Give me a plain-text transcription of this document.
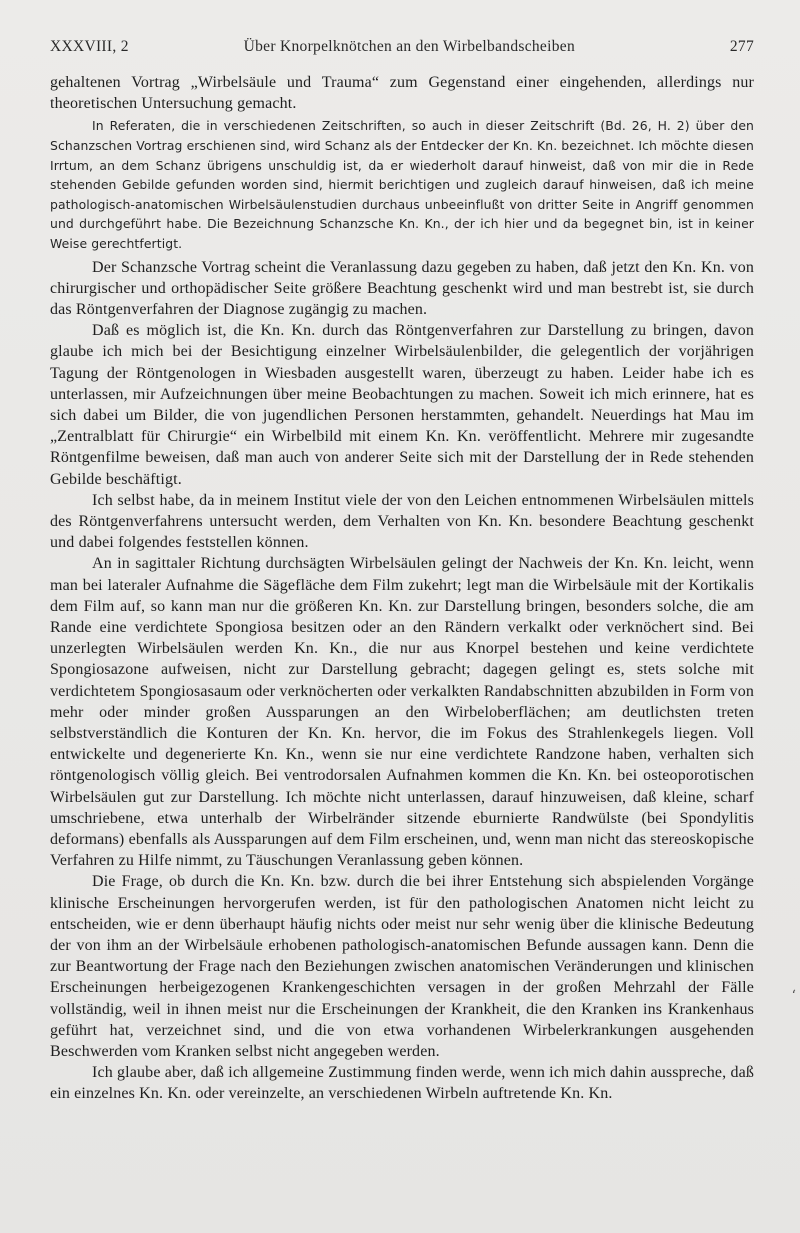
XXXVIII, 2	Über Knorpelknötchen an den Wirbelbandscheiben	277

gehaltenen Vortrag „Wirbelsäule und Trauma“ zum Gegenstand einer eingehenden, allerdings nur theoretischen Untersuchung gemacht.

In Referaten, die in verschiedenen Zeitschriften, so auch in dieser Zeitschrift (Bd. 26, H. 2) über den Schanzschen Vortrag erschienen sind, wird Schanz als der Entdecker der Kn. Kn. bezeichnet. Ich möchte diesen Irrtum, an dem Schanz übrigens unschuldig ist, da er wiederholt darauf hinweist, daß von mir die in Rede stehenden Gebilde gefunden worden sind, hiermit berichtigen und zugleich darauf hinweisen, daß ich meine pathologisch-anatomischen Wirbelsäulenstudien durchaus unbeeinflußt von dritter Seite in Angriff genommen und durchgeführt habe. Die Bezeichnung Schanzsche Kn. Kn., der ich hier und da begegnet bin, ist in keiner Weise gerechtfertigt.

Der Schanzsche Vortrag scheint die Veranlassung dazu gegeben zu haben, daß jetzt den Kn. Kn. von chirurgischer und orthopädischer Seite größere Beachtung geschenkt wird und man bestrebt ist, sie durch das Röntgenverfahren der Diagnose zugängig zu machen.

Daß es möglich ist, die Kn. Kn. durch das Röntgenverfahren zur Darstellung zu bringen, davon glaube ich mich bei der Besichtigung einzelner Wirbelsäulenbilder, die gelegentlich der vorjährigen Tagung der Röntgenologen in Wiesbaden ausgestellt waren, überzeugt zu haben. Leider habe ich es unterlassen, mir Aufzeichnungen über meine Beobachtungen zu machen. Soweit ich mich erinnere, hat es sich dabei um Bilder, die von jugendlichen Personen herstammten, gehandelt. Neuerdings hat Mau im „Zentralblatt für Chirurgie“ ein Wirbelbild mit einem Kn. Kn. veröffentlicht. Mehrere mir zugesandte Röntgenfilme beweisen, daß man auch von anderer Seite sich mit der Darstellung der in Rede stehenden Gebilde beschäftigt.

Ich selbst habe, da in meinem Institut viele der von den Leichen entnommenen Wirbelsäulen mittels des Röntgenverfahrens untersucht werden, dem Verhalten von Kn. Kn. besondere Beachtung geschenkt und dabei folgendes feststellen können.

An in sagittaler Richtung durchsägten Wirbelsäulen gelingt der Nachweis der Kn. Kn. leicht, wenn man bei lateraler Aufnahme die Sägefläche dem Film zukehrt; legt man die Wirbelsäule mit der Kortikalis dem Film auf, so kann man nur die größeren Kn. Kn. zur Darstellung bringen, besonders solche, die am Rande eine verdichtete Spongiosa besitzen oder an den Rändern verkalkt oder verknöchert sind. Bei unzerlegten Wirbelsäulen werden Kn. Kn., die nur aus Knorpel bestehen und keine verdichtete Spongiosazone aufweisen, nicht zur Darstellung gebracht; dagegen gelingt es, stets solche mit verdichtetem Spongiosasaum oder verknöcherten oder verkalkten Randabschnitten abzubilden in Form von mehr oder minder großen Aussparungen an den Wirbeloberflächen; am deutlichsten treten selbstverständlich die Konturen der Kn. Kn. hervor, die im Fokus des Strahlenkegels liegen. Voll entwickelte und degenerierte Kn. Kn., wenn sie nur eine verdichtete Randzone haben, verhalten sich röntgenologisch völlig gleich. Bei ventrodorsalen Aufnahmen kommen die Kn. Kn. bei osteoporotischen Wirbelsäulen gut zur Darstellung. Ich möchte nicht unterlassen, darauf hinzuweisen, daß kleine, scharf umschriebene, etwa unterhalb der Wirbelränder sitzende eburnierte Randwülste (bei Spondylitis deformans) ebenfalls als Aussparungen auf dem Film erscheinen, und, wenn man nicht das stereoskopische Verfahren zu Hilfe nimmt, zu Täuschungen Veranlassung geben können.

Die Frage, ob durch die Kn. Kn. bzw. durch die bei ihrer Entstehung sich abspielenden Vorgänge klinische Erscheinungen hervorgerufen werden, ist für den pathologischen Anatomen nicht leicht zu entscheiden, wie er denn überhaupt häufig nichts oder meist nur sehr wenig über die klinische Bedeutung der von ihm an der Wirbelsäule erhobenen pathologisch-anatomischen Befunde aussagen kann. Denn die zur Beantwortung der Frage nach den Beziehungen zwischen anatomischen Veränderungen und klinischen Erscheinungen herbeigezogenen Krankengeschichten versagen in der großen Mehrzahl der Fälle vollständig, weil in ihnen meist nur die Erscheinungen der Krankheit, die den Kranken ins Krankenhaus geführt hat, verzeichnet sind, und die von etwa vorhandenen Wirbelerkrankungen ausgehenden Beschwerden vom Kranken selbst nicht angegeben werden.

Ich glaube aber, daß ich allgemeine Zustimmung finden werde, wenn ich mich dahin ausspreche, daß ein einzelnes Kn. Kn. oder vereinzelte, an verschiedenen Wirbeln auftretende Kn. Kn.

‘
